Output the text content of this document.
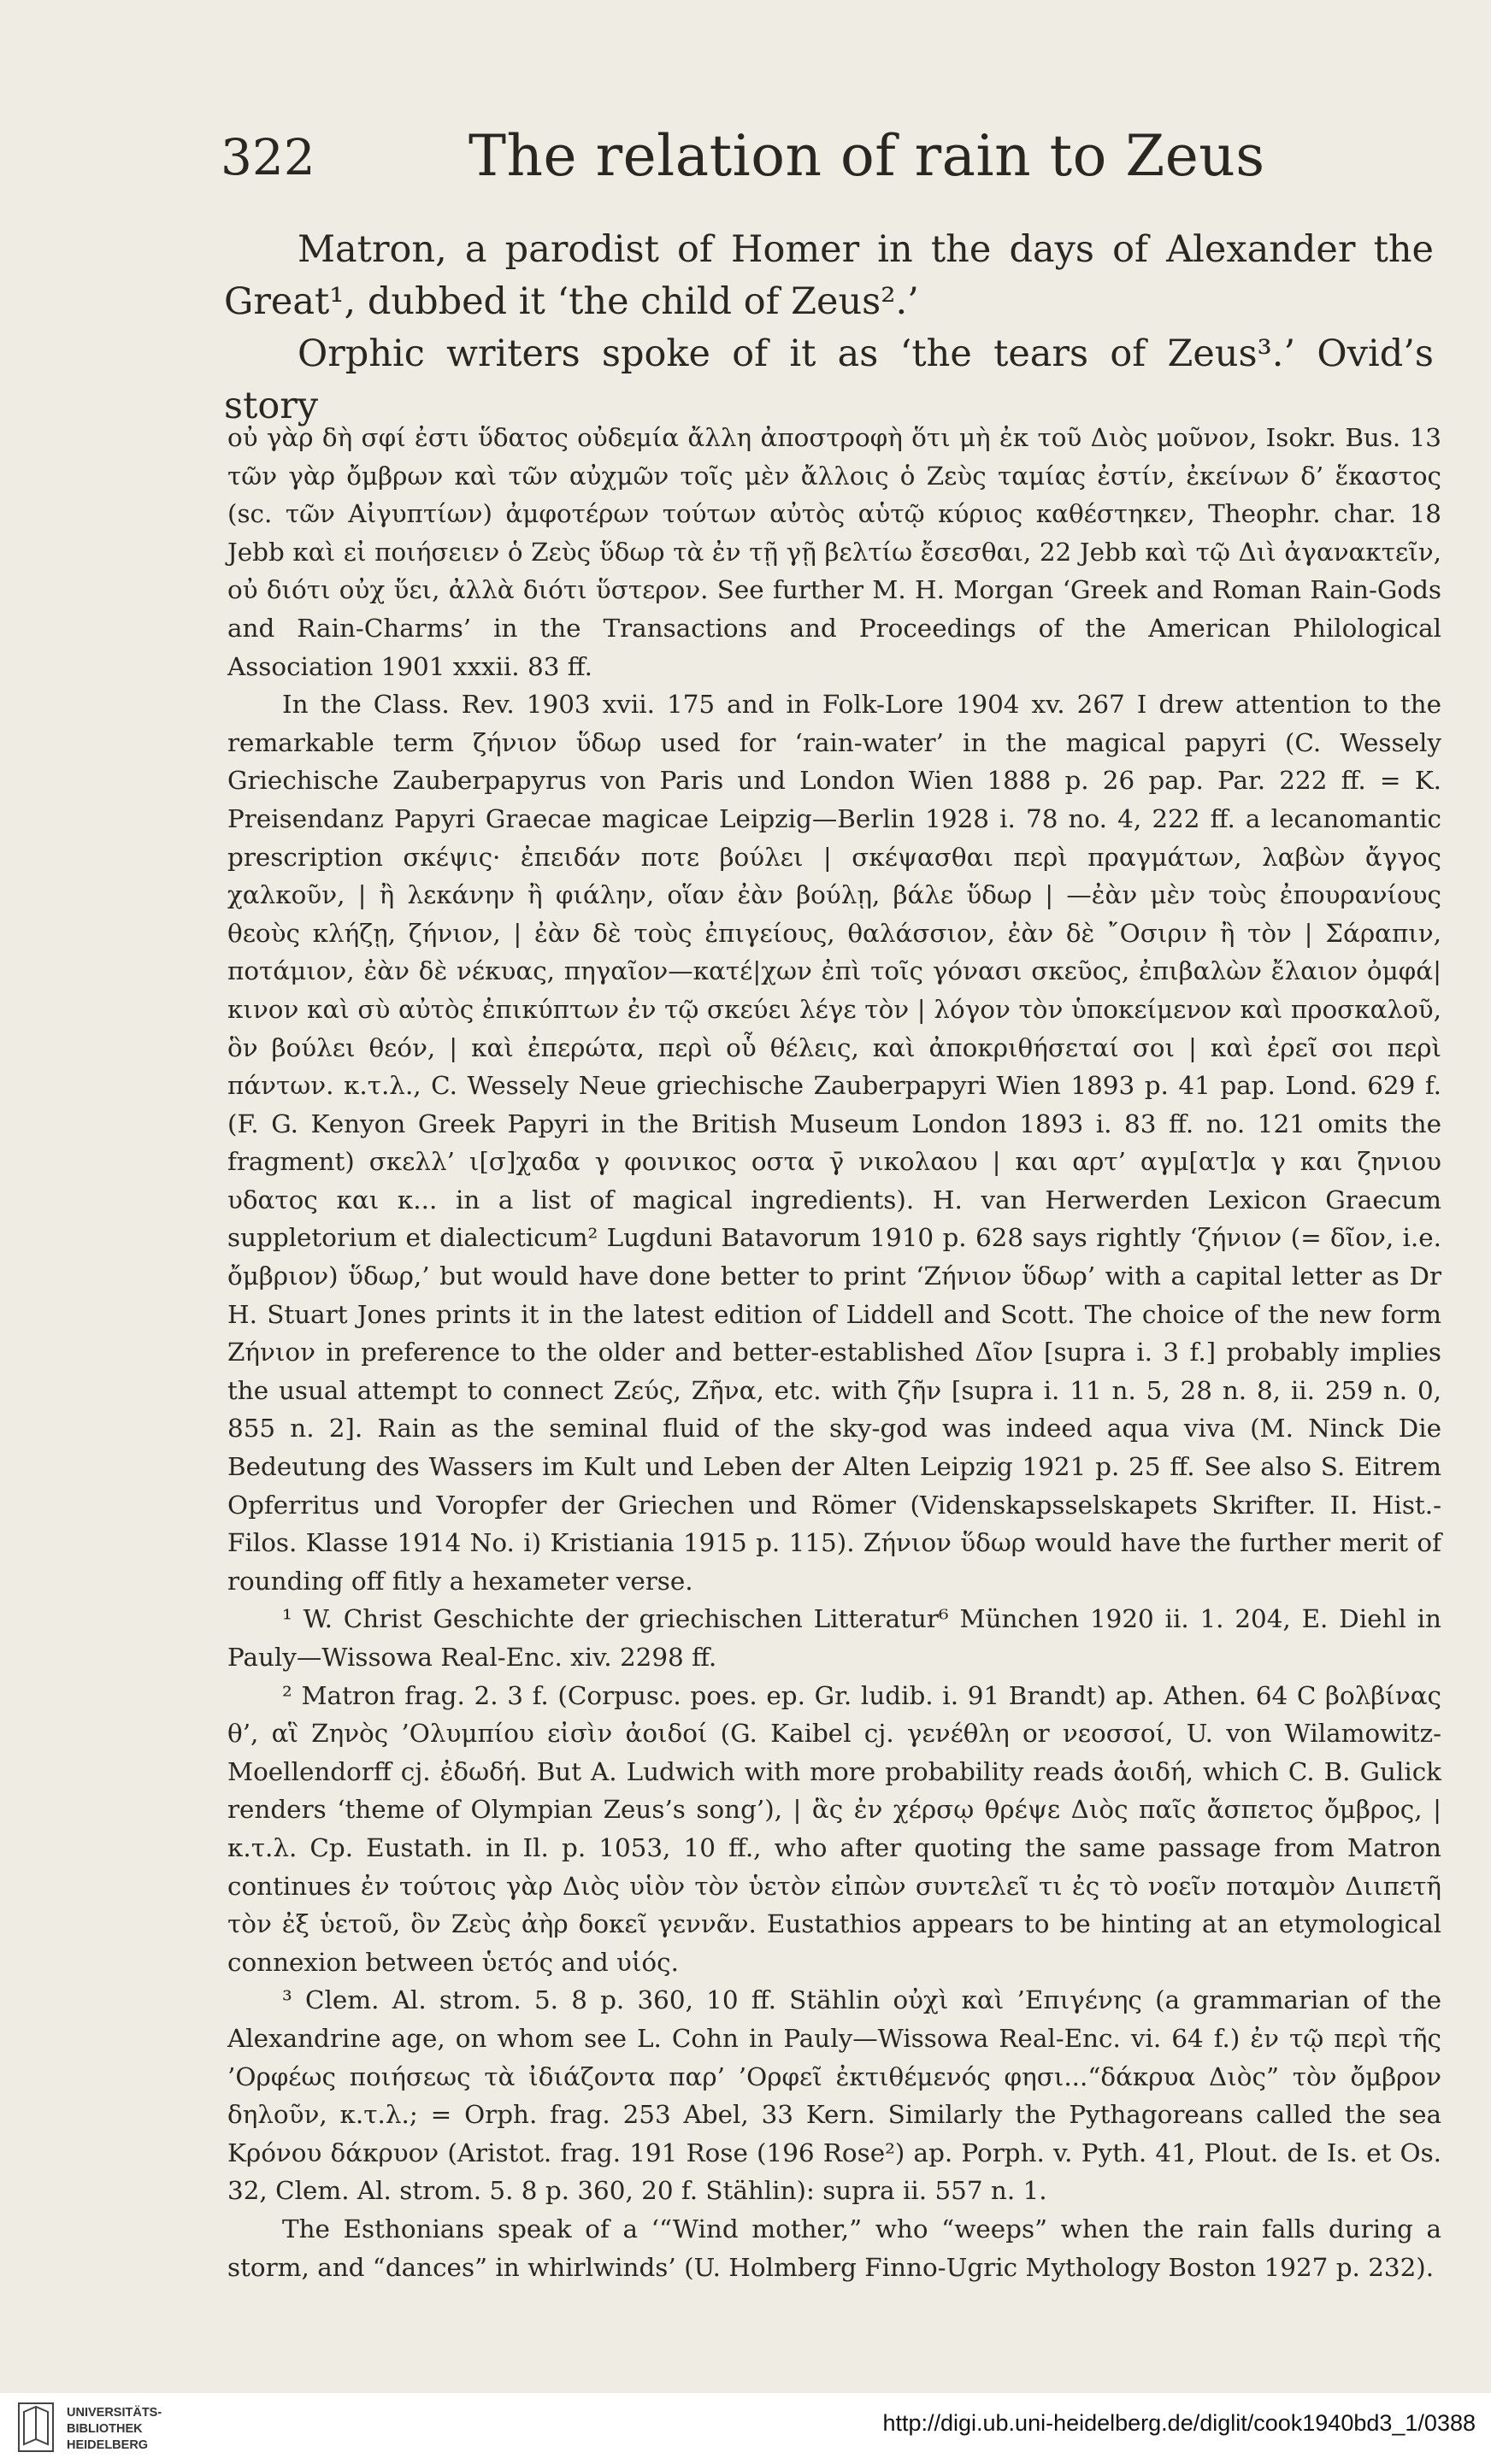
322	The relation of rain to Zeus

Matron, a parodist of Homer in the days of Alexander the Great¹, dubbed it ‘the child of Zeus².’

Orphic writers spoke of it as ‘the tears of Zeus³.’ Ovid’s story

οὐ γὰρ δὴ σφί ἐστι ὕδατος οὐδεμία ἄλλη ἀποστροφὴ ὅτι μὴ ἐκ τοῦ Διὸς μοῦνον, Isokr. Bus. 13 τῶν γὰρ ὄμβρων καὶ τῶν αὐχμῶν τοῖς μὲν ἄλλοις ὁ Ζεὺς ταμίας ἐστίν, ἐκείνων δ’ ἕκαστος (sc. τῶν Αἰγυπτίων) ἀμφοτέρων τούτων αὐτὸς αὑτῷ κύριος καθέστηκεν, Theophr. char. 18 Jebb καὶ εἰ ποιήσειεν ὁ Ζεὺς ὕδωρ τὰ ἐν τῇ γῇ βελτίω ἔσεσθαι, 22 Jebb καὶ τῷ Διὶ ἀγανακτεῖν, οὐ διότι οὐχ ὕει, ἀλλὰ διότι ὕστερον. See further M. H. Morgan ‘Greek and Roman Rain-Gods and Rain-Charms’ in the Transactions and Proceedings of the American Philological Association 1901 xxxii. 83 ff.

In the Class. Rev. 1903 xvii. 175 and in Folk-Lore 1904 xv. 267 I drew attention to the remarkable term ζήνιον ὕδωρ used for ‘rain-water’ in the magical papyri (C. Wessely Griechische Zauberpapyrus von Paris und London Wien 1888 p. 26 pap. Par. 222 ff. = K. Preisendanz Papyri Graecae magicae Leipzig—Berlin 1928 i. 78 no. 4, 222 ff. a lecanomantic prescription σκέψις· ἐπειδάν ποτε βούλει | σκέψασθαι περὶ πραγμάτων, λαβὼν ἄγγος χαλκοῦν, | ἢ λεκάνην ἢ φιάλην, οἵαν ἐὰν βούλῃ, βάλε ὕδωρ | —ἐὰν μὲν τοὺς ἐπουρανίους θεοὺς κλήζῃ, ζήνιον, | ἐὰν δὲ τοὺς ἐπιγείους, θαλάσσιον, ἐὰν δὲ ῎Οσιριν ἢ τὸν | Σάραπιν, ποτάμιον, ἐὰν δὲ νέκυας, πηγαῖον—κατέ|χων ἐπὶ τοῖς γόνασι σκεῦος, ἐπιβαλὼν ἔλαιον ὀμφά|κινον καὶ σὺ αὐτὸς ἐπικύπτων ἐν τῷ σκεύει λέγε τὸν | λόγον τὸν ὑποκείμενον καὶ προσκαλοῦ, ὃν βούλει θεόν, | καὶ ἐπερώτα, περὶ οὗ θέλεις, καὶ ἀποκριθήσεταί σοι | καὶ ἐρεῖ σοι περὶ πάντων. κ.τ.λ., C. Wessely Neue griechische Zauberpapyri Wien 1893 p. 41 pap. Lond. 629 f. (F. G. Kenyon Greek Papyri in the British Museum London 1893 i. 83 ff. no. 121 omits the fragment) σκελλ’ ι[σ]χαδα γ φοινικος οστα γ̄ νικολαου | και αρτ’ αγμ[ατ]α γ και ζηνιου υδατος και κ... in a list of magical ingredients). H. van Herwerden Lexicon Graecum suppletorium et dialecticum² Lugduni Batavorum 1910 p. 628 says rightly ‘ζήνιον (= δῖον, i.e. ὄμβριον) ὕδωρ,’ but would have done better to print ‘Ζήνιον ὕδωρ’ with a capital letter as Dr H. Stuart Jones prints it in the latest edition of Liddell and Scott. The choice of the new form Ζήνιον in preference to the older and better-established Δῖον [supra i. 3 f.] probably implies the usual attempt to connect Ζεύς, Ζῆνα, etc. with ζῆν [supra i. 11 n. 5, 28 n. 8, ii. 259 n. 0, 855 n. 2]. Rain as the seminal fluid of the sky-god was indeed aqua viva (M. Ninck Die Bedeutung des Wassers im Kult und Leben der Alten Leipzig 1921 p. 25 ff. See also S. Eitrem Opferritus und Voropfer der Griechen und Römer (Videnskapsselskapets Skrifter. II. Hist.-Filos. Klasse 1914 No. i) Kristiania 1915 p. 115). Ζήνιον ὕδωρ would have the further merit of rounding off fitly a hexameter verse.

¹ W. Christ Geschichte der griechischen Litteratur⁶ München 1920 ii. 1. 204, E. Diehl in Pauly—Wissowa Real-Enc. xiv. 2298 ff.

² Matron frag. 2. 3 f. (Corpusc. poes. ep. Gr. ludib. i. 91 Brandt) ap. Athen. 64 C βολβίνας θ’, αἳ Ζηνὸς ’Ολυμπίου εἰσὶν ἀοιδοί (G. Kaibel cj. γενέθλη or νεοσσοί, U. von Wilamowitz-Moellendorff cj. ἐδωδή. But A. Ludwich with more probability reads ἀοιδή, which C. B. Gulick renders ‘theme of Olympian Zeus’s song’), | ἃς ἐν χέρσῳ θρέψε Διὸς παῖς ἄσπετος ὄμβρος, | κ.τ.λ. Cp. Eustath. in Il. p. 1053, 10 ff., who after quoting the same passage from Matron continues ἐν τούτοις γὰρ Διὸς υἱὸν τὸν ὑετὸν εἰπὼν συντελεῖ τι ἐς τὸ νοεῖν ποταμὸν Διιπετῆ τὸν ἐξ ὑετοῦ, ὃν Ζεὺς ἀὴρ δοκεῖ γεννᾶν. Eustathios appears to be hinting at an etymological connexion between ὑετός and υἱός.

³ Clem. Al. strom. 5. 8 p. 360, 10 ff. Stählin οὐχὶ καὶ ’Επιγένης (a grammarian of the Alexandrine age, on whom see L. Cohn in Pauly—Wissowa Real-Enc. vi. 64 f.) ἐν τῷ περὶ τῆς ’Ορφέως ποιήσεως τὰ ἰδιάζοντα παρ’ ’Ορφεῖ ἐκτιθέμενός φησι...“δάκρυα Διὸς” τὸν ὄμβρον δηλοῦν, κ.τ.λ.; = Orph. frag. 253 Abel, 33 Kern. Similarly the Pythagoreans called the sea Κρόνου δάκρυον (Aristot. frag. 191 Rose (196 Rose²) ap. Porph. v. Pyth. 41, Plout. de Is. et Os. 32, Clem. Al. strom. 5. 8 p. 360, 20 f. Stählin): supra ii. 557 n. 1.

The Esthonians speak of a ‘“Wind mother,” who “weeps” when the rain falls during a storm, and “dances” in whirlwinds’ (U. Holmberg Finno-Ugric Mythology Boston 1927 p. 232).

UNIVERSITÄTS-
BIBLIOTHEK
HEIDELBERG
http://digi.ub.uni-heidelberg.de/diglit/cook1940bd3_1/0388
